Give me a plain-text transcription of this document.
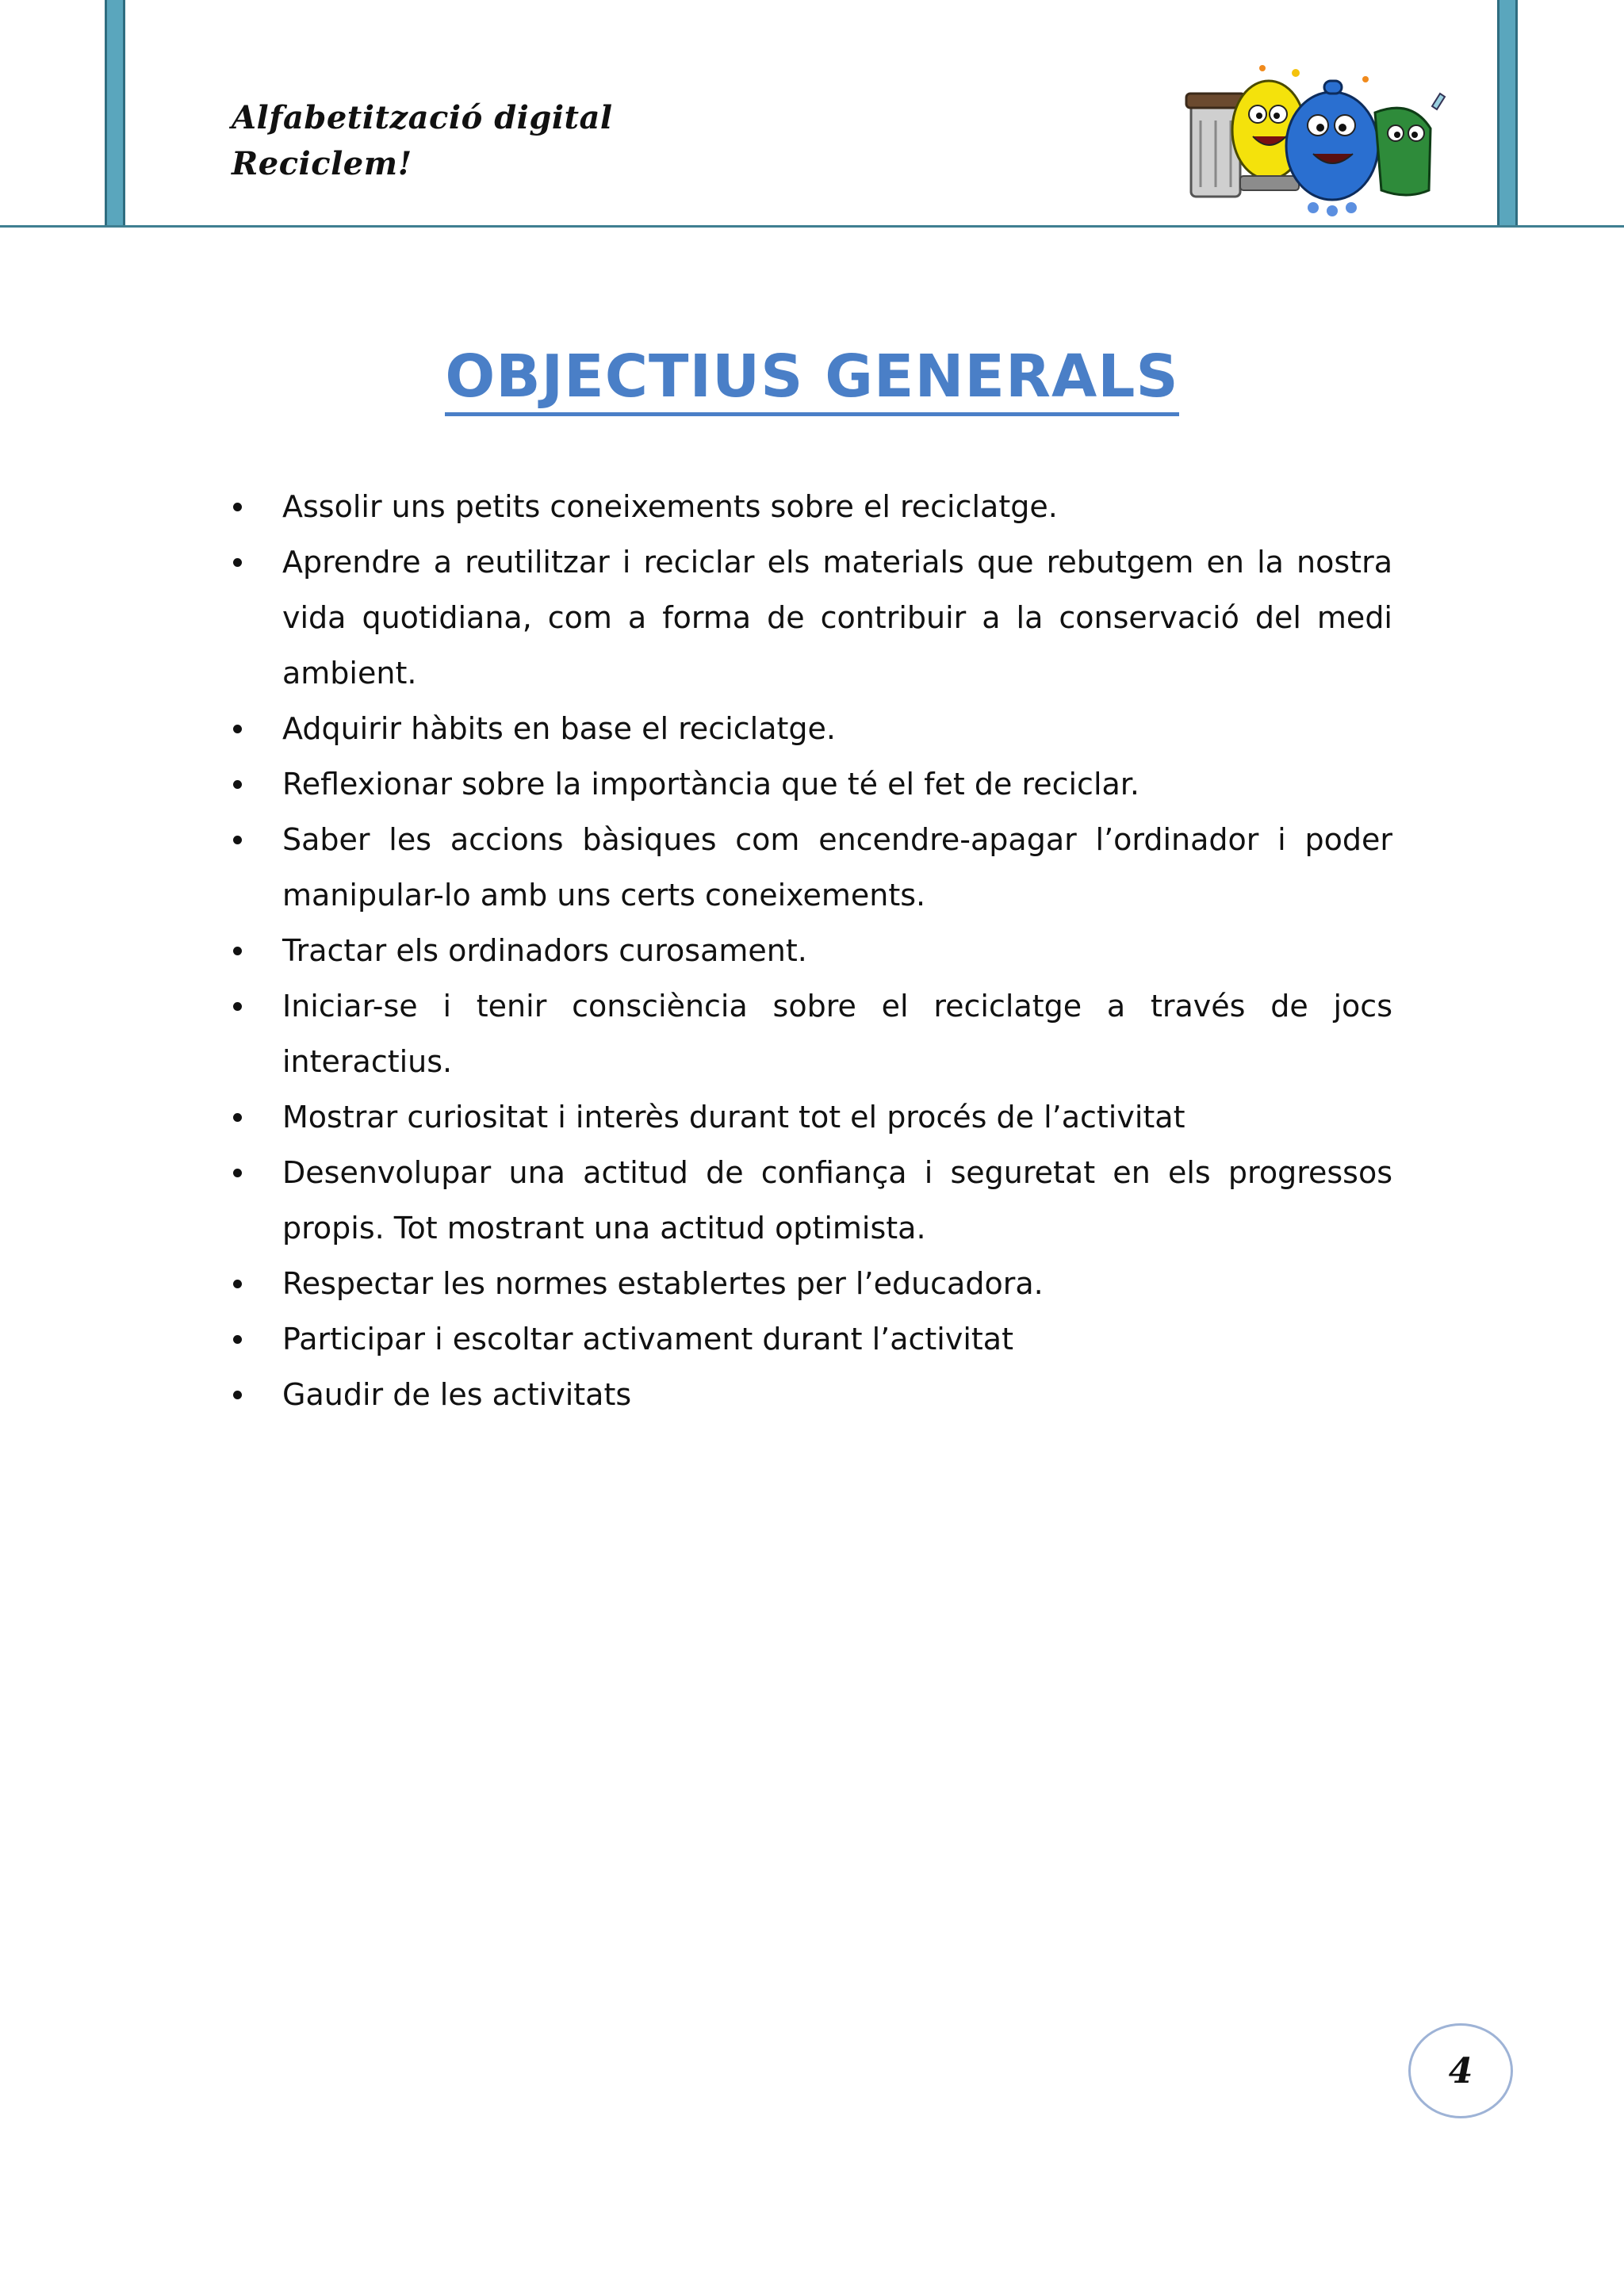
Alfabetització digital
Reciclem!
OBJECTIUS GENERALS
Assolir uns petits coneixements sobre el reciclatge.
Aprendre a reutilitzar i reciclar els materials que rebutgem en la nostra vida quotidiana, com a forma de contribuir a la conservació del medi ambient.
Adquirir hàbits en base el reciclatge.
Reflexionar sobre la importància que té el fet de reciclar.
Saber les accions bàsiques com encendre-apagar l’ordinador i poder manipular-lo amb uns certs coneixements.
Tractar els ordinadors curosament.
Iniciar-se i tenir consciència sobre el reciclatge a través de jocs interactius.
Mostrar curiositat i interès durant tot el procés de l’activitat
Desenvolupar una actitud de confiança i seguretat en els progressos propis. Tot mostrant una actitud optimista.
Respectar les normes establertes per l’educadora.
Participar i escoltar activament durant l’activitat
Gaudir de les activitats
4
